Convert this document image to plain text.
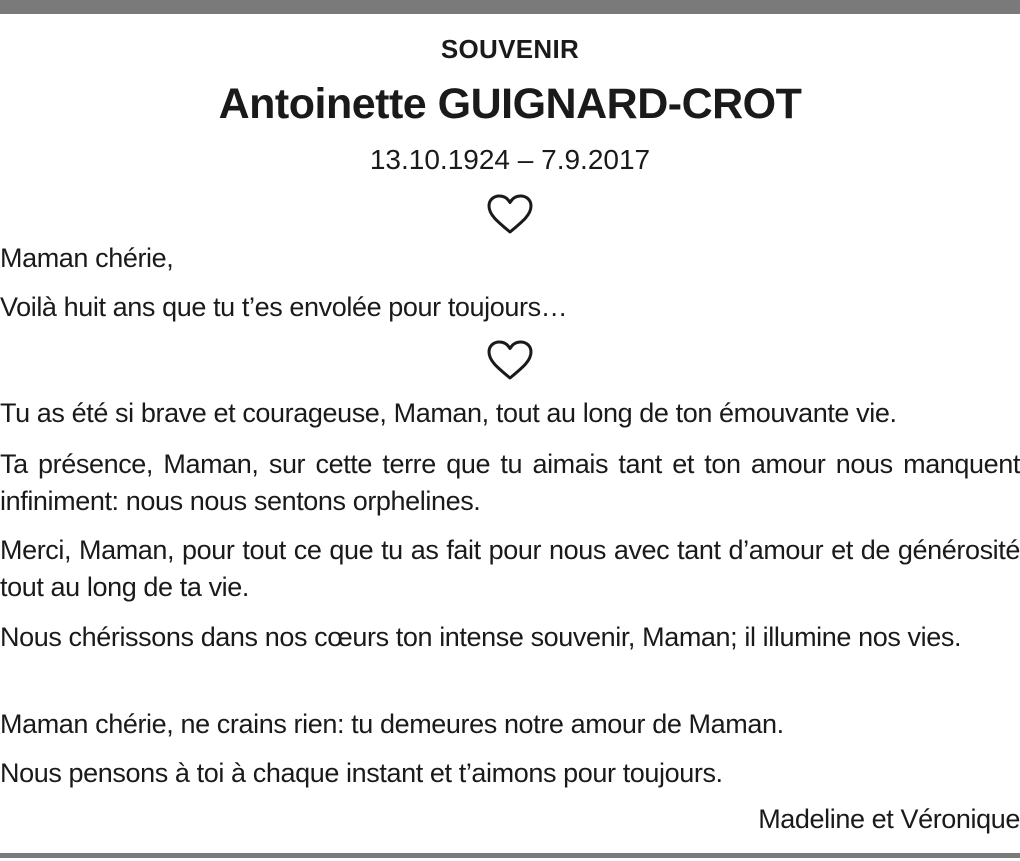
SOUVENIR
Antoinette GUIGNARD-CROT
13.10.1924 – 7.9.2017
Maman chérie,
Voilà huit ans que tu t’es envolée pour toujours…
Tu as été si brave et courageuse, Maman, tout au long de ton émouvante vie.
Ta présence, Maman, sur cette terre que tu aimais tant et ton amour nous manquent infiniment: nous nous sentons orphelines.
Merci, Maman, pour tout ce que tu as fait pour nous avec tant d’amour et de générosité tout au long de ta vie.
Nous chérissons dans nos cœurs ton intense souvenir, Maman; il illumine nos vies.
Maman chérie, ne crains rien: tu demeures notre amour de Maman.
Nous pensons à toi à chaque instant et t’aimons pour toujours.
Madeline et Véronique
